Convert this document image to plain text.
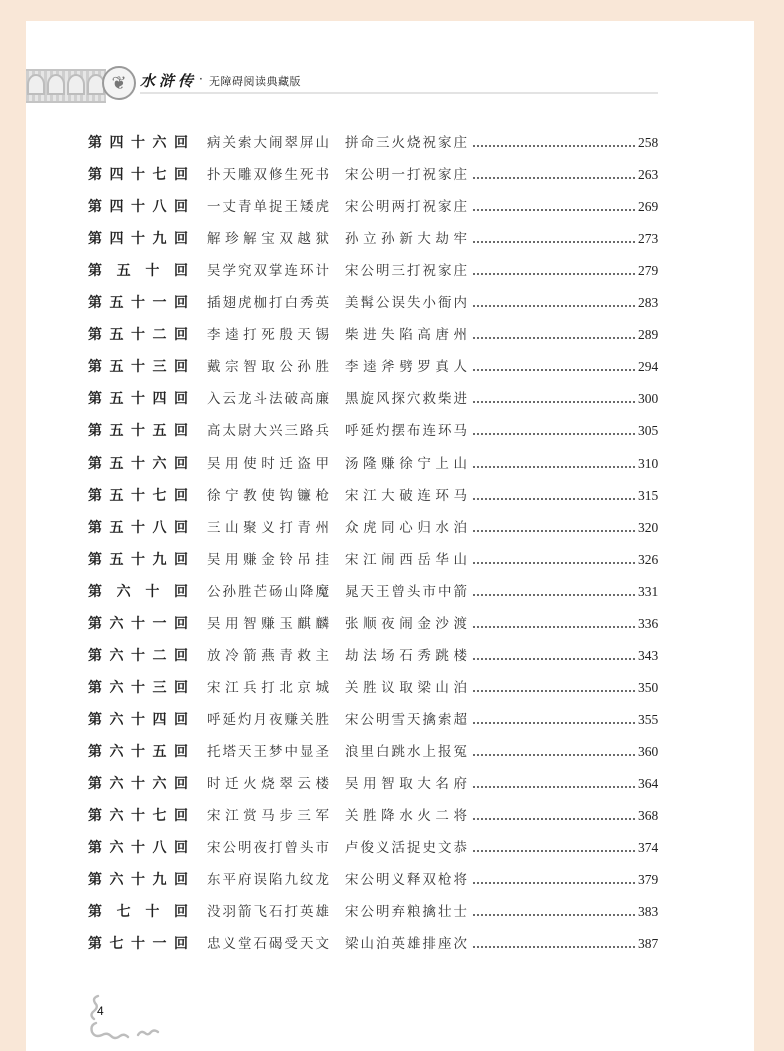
❦ 水浒传 · 无障碍阅读典藏版
第 四 十 六 回 病 关 索 大 闹 翠 屏 山 拼 命 三 火 烧 祝 家 庄	258
第 四 十 七 回 扑 天 雕 双 修 生 死 书 宋 公 明 一 打 祝 家 庄	263
第 四 十 八 回 一 丈 青 单 捉 王 矮 虎 宋 公 明 两 打 祝 家 庄	269
第 四 十 九 回 解 珍 解 宝 双 越 狱 孙 立 孙 新 大 劫 牢	273
第 五 十 回 吴 学 究 双 掌 连 环 计 宋 公 明 三 打 祝 家 庄	279
第 五 十 一 回 插 翅 虎 枷 打 白 秀 英 美 髯 公 误 失 小 衙 内	283
第 五 十 二 回 李 逵 打 死 殷 天 锡 柴 进 失 陷 高 唐 州	289
第 五 十 三 回 戴 宗 智 取 公 孙 胜 李 逵 斧 劈 罗 真 人	294
第 五 十 四 回 入 云 龙 斗 法 破 高 廉 黑 旋 风 探 穴 救 柴 进	300
第 五 十 五 回 高 太 尉 大 兴 三 路 兵 呼 延 灼 摆 布 连 环 马	305
第 五 十 六 回 吴 用 使 时 迁 盗 甲 汤 隆 赚 徐 宁 上 山	310
第 五 十 七 回 徐 宁 教 使 钩 镰 枪 宋 江 大 破 连 环 马	315
第 五 十 八 回 三 山 聚 义 打 青 州 众 虎 同 心 归 水 泊	320
第 五 十 九 回 吴 用 赚 金 铃 吊 挂 宋 江 闹 西 岳 华 山	326
第 六 十 回 公 孙 胜 芒 砀 山 降 魔 晁 天 王 曾 头 市 中 箭	331
第 六 十 一 回 吴 用 智 赚 玉 麒 麟 张 顺 夜 闹 金 沙 渡	336
第 六 十 二 回 放 冷 箭 燕 青 救 主 劫 法 场 石 秀 跳 楼	343
第 六 十 三 回 宋 江 兵 打 北 京 城 关 胜 议 取 梁 山 泊	350
第 六 十 四 回 呼 延 灼 月 夜 赚 关 胜 宋 公 明 雪 天 擒 索 超	355
第 六 十 五 回 托 塔 天 王 梦 中 显 圣 浪 里 白 跳 水 上 报 冤	360
第 六 十 六 回 时 迁 火 烧 翠 云 楼 吴 用 智 取 大 名 府	364
第 六 十 七 回 宋 江 赏 马 步 三 军 关 胜 降 水 火 二 将	368
第 六 十 八 回 宋 公 明 夜 打 曾 头 市 卢 俊 义 活 捉 史 文 恭	374
第 六 十 九 回 东 平 府 误 陷 九 纹 龙 宋 公 明 义 释 双 枪 将	379
第 七 十 回 没 羽 箭 飞 石 打 英 雄 宋 公 明 弃 粮 擒 壮 士	383
第 七 十 一 回 忠 义 堂 石 碣 受 天 文 梁 山 泊 英 雄 排 座 次	387
4
